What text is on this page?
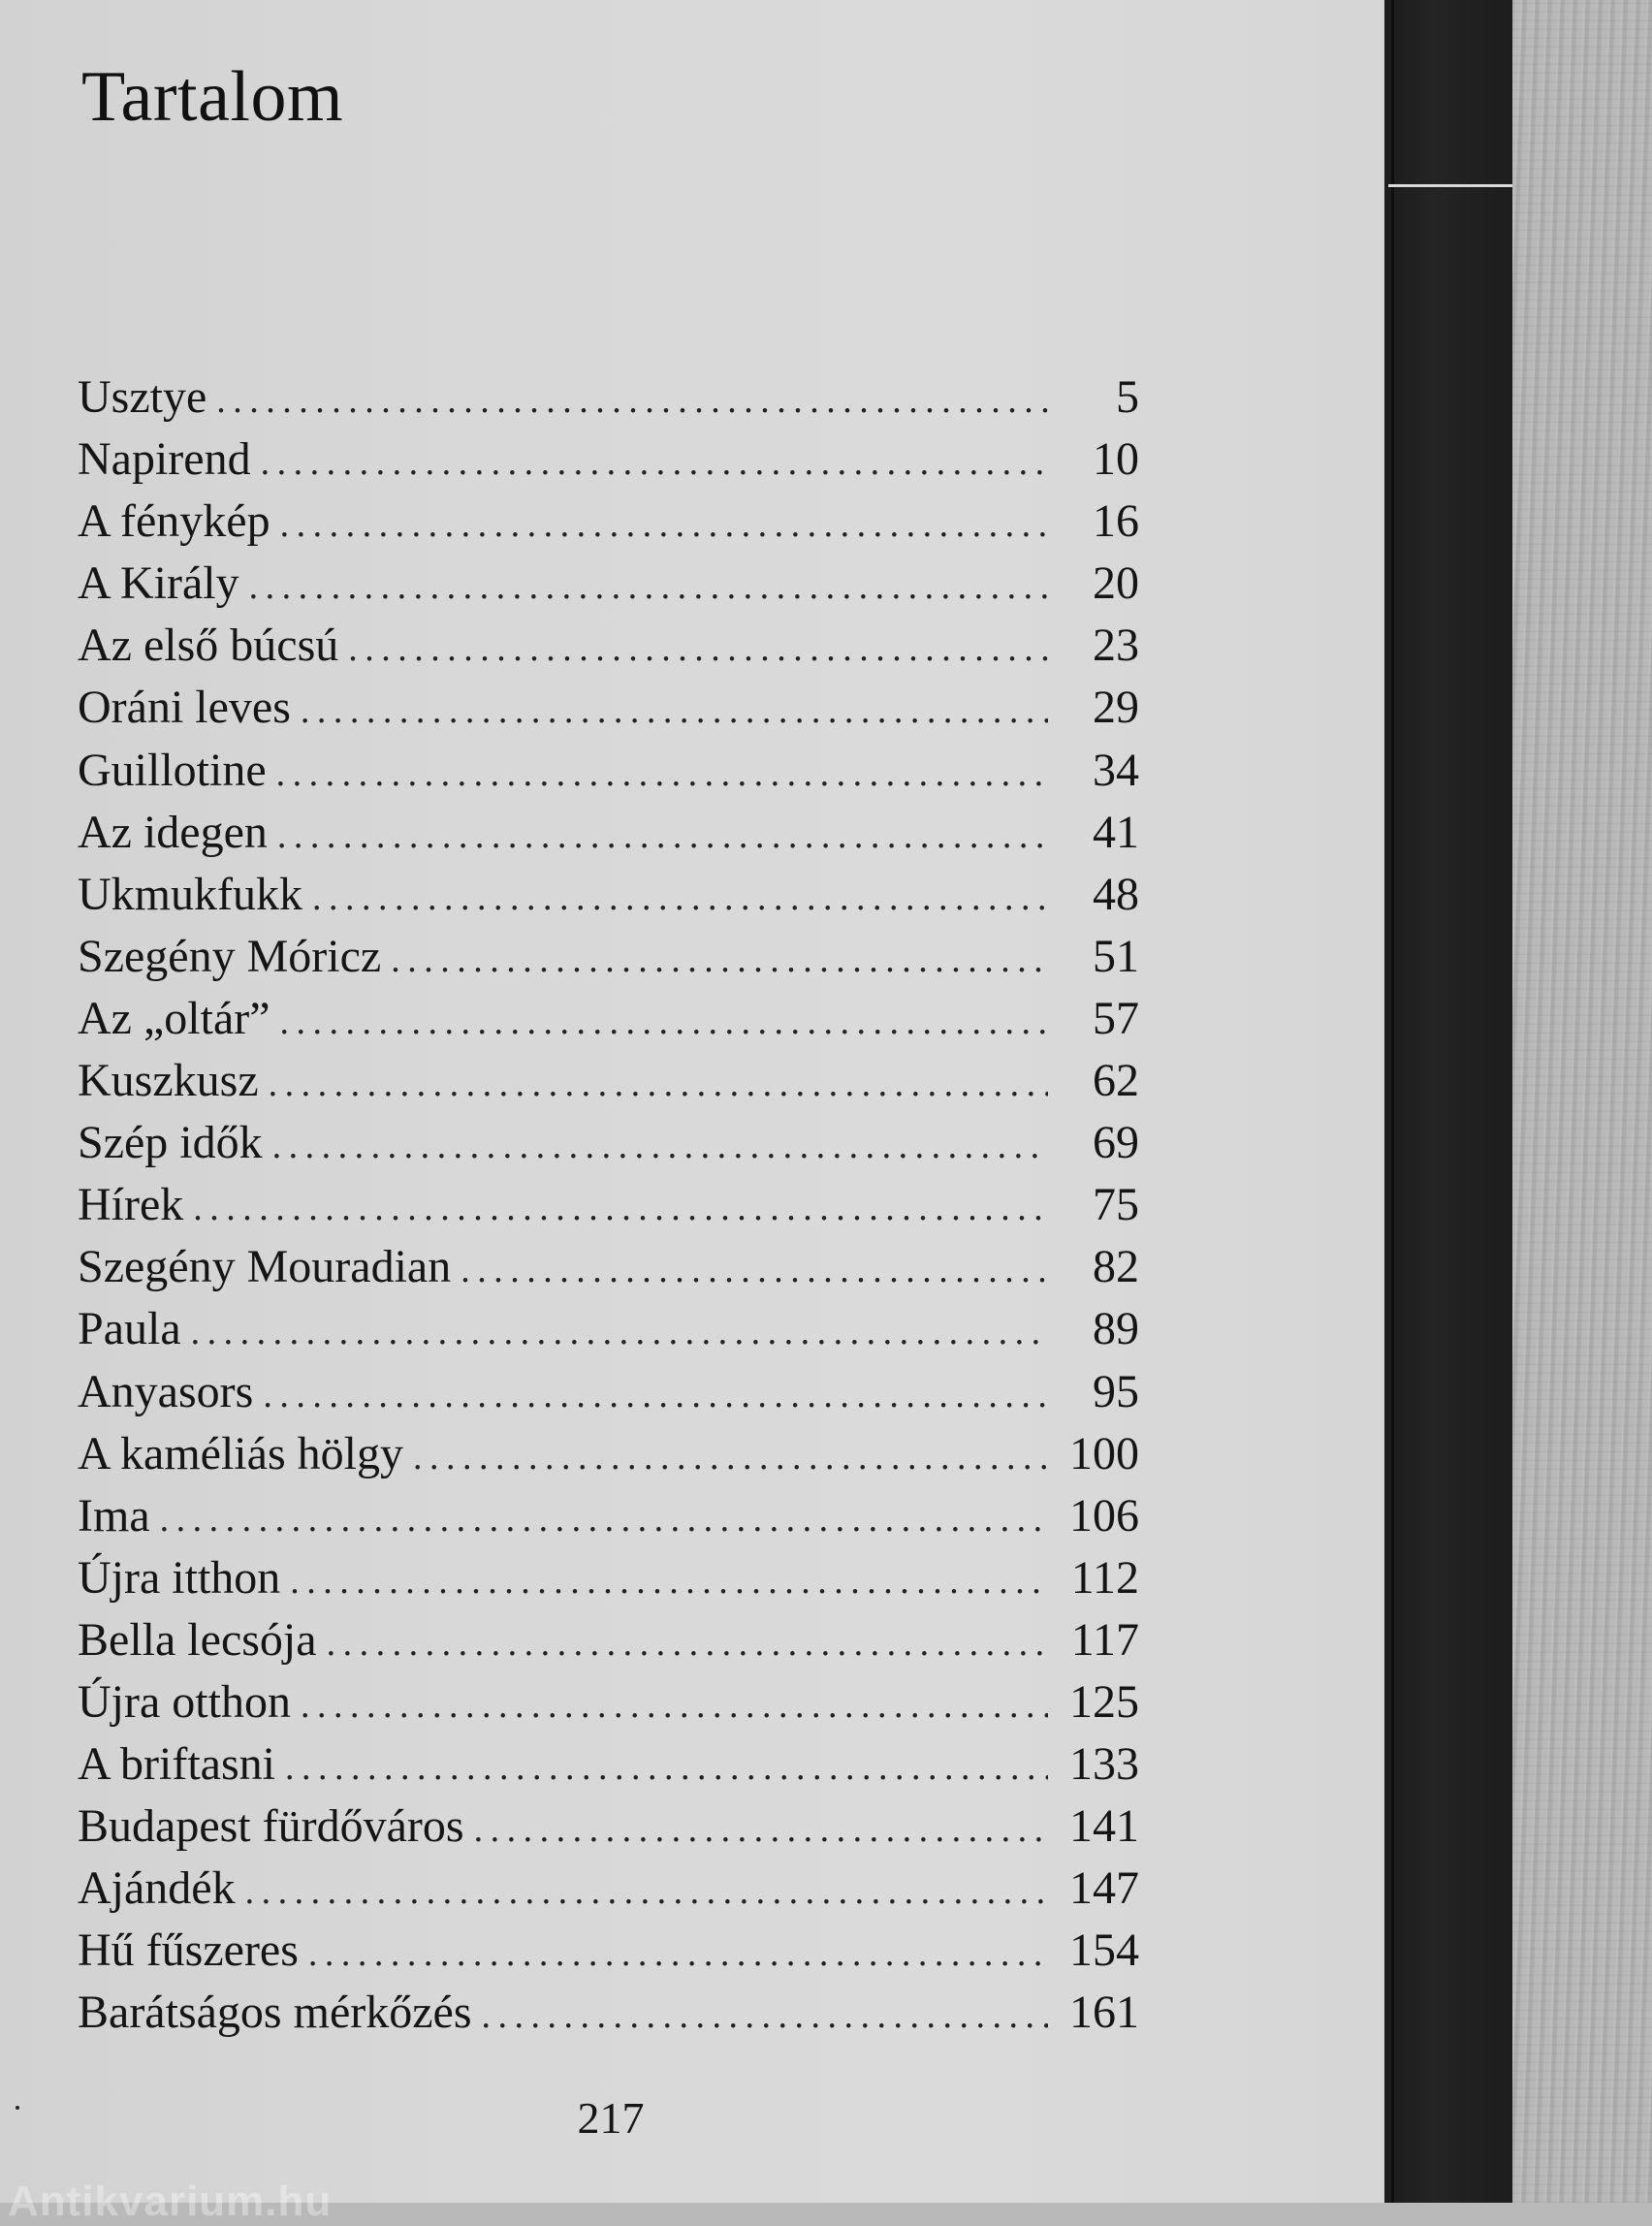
Tartalom
Usztye . . .	5
Napirend . . .	10
A fénykép . . .	16
A Király . . .	20
Az első búcsú . . .	23
Oráni leves . . .	29
Guillotine . . .	34
Az idegen . . .	41
Ukmukfukk . . .	48
Szegény Móricz . . .	51
Az „oltár” . . .	57
Kuszkusz . . .	62
Szép idők . . .	69
Hírek . . .	75
Szegény Mouradian . . .	82
Paula . . .	89
Anyasors . . .	95
A kaméliás hölgy . . .	100
Ima . . .	106
Újra itthon . . .	112
Bella lecsója . . .	117
Újra otthon . . .	125
A briftasni . . .	133
Budapest fürdőváros . . .	141
Ajándék . . .	147
Hű fűszeres . . .	154
Barátságos mérkőzés . . .	161
217
Antikvarium.hu
